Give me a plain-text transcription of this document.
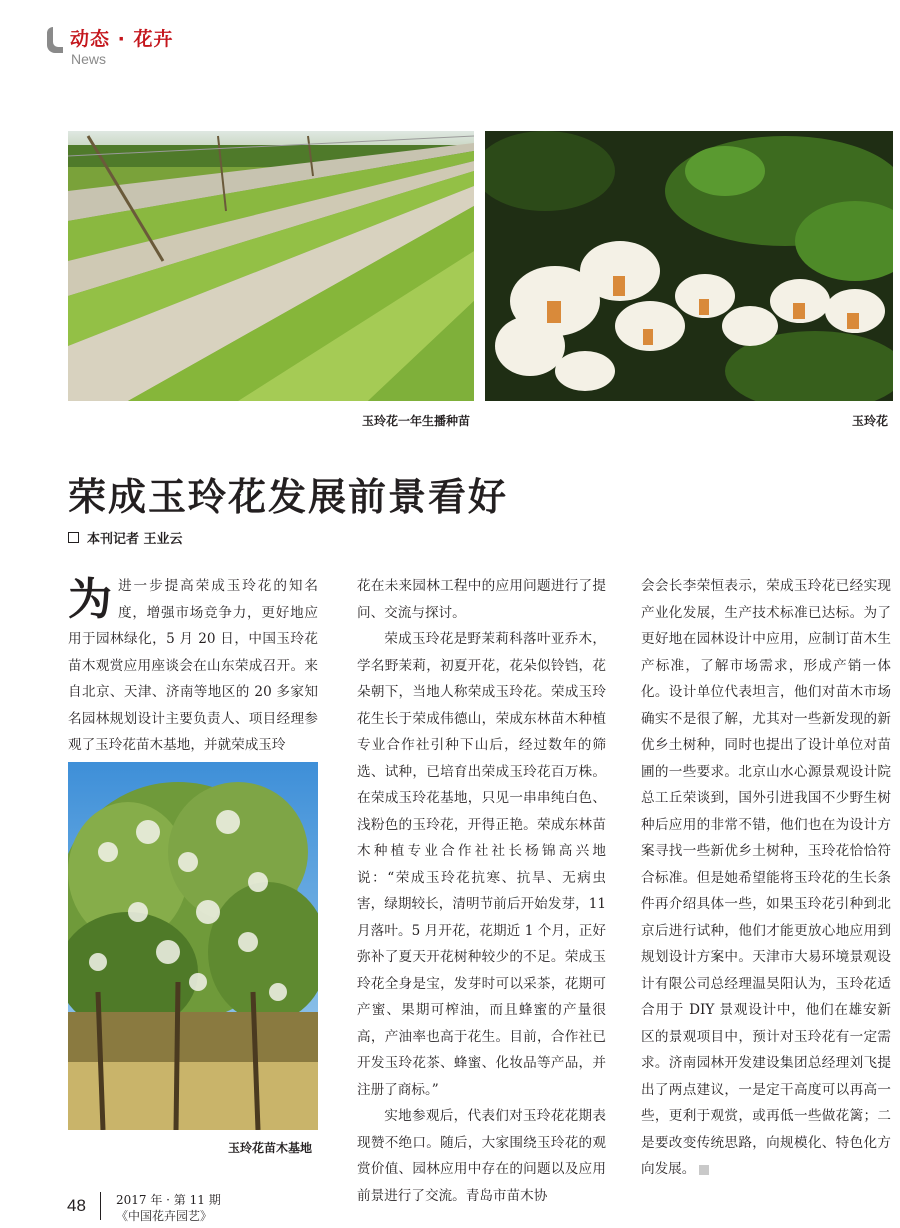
动态 · 花卉
News
玉玲花一年生播种苗	玉玲花
荣成玉玲花发展前景看好
本刊记者 王业云

为进一步提高荣成玉玲花的知名度，增强市场竞争力，更好地应用于园林绿化，5 月 20 日，中国玉玲花苗木观赏应用座谈会在山东荣成召开。来自北京、天津、济南等地区的 20 多家知名园林规划设计主要负责人、项目经理参观了玉玲花苗木基地，并就荣成玉玲

玉玲花苗木基地

花在未来园林工程中的应用问题进行了提问、交流与探讨。

荣成玉玲花是野茉莉科落叶亚乔木，学名野茉莉，初夏开花，花朵似铃铛，花朵朝下，当地人称荣成玉玲花。荣成玉玲花生长于荣成伟德山，荣成东林苗木种植专业合作社引种下山后，经过数年的筛选、试种，已培育出荣成玉玲花百万株。在荣成玉玲花基地，只见一串串纯白色、浅粉色的玉玲花，开得正艳。荣成东林苗木种植专业合作社社长杨锦高兴地说：“荣成玉玲花抗寒、抗旱、无病虫害，绿期较长，清明节前后开始发芽，11 月落叶。5 月开花，花期近 1 个月，正好弥补了夏天开花树种较少的不足。荣成玉玲花全身是宝，发芽时可以采茶，花期可产蜜、果期可榨油，而且蜂蜜的产量很高，产油率也高于花生。目前，合作社已开发玉玲花茶、蜂蜜、化妆品等产品，并注册了商标。”

实地参观后，代表们对玉玲花花期表现赞不绝口。随后，大家围绕玉玲花的观赏价值、园林应用中存在的问题以及应用前景进行了交流。青岛市苗木协

会会长李荣恒表示，荣成玉玲花已经实现产业化发展，生产技术标准已达标。为了更好地在园林设计中应用，应制订苗木生产标准，了解市场需求，形成产销一体化。设计单位代表坦言，他们对苗木市场确实不是很了解，尤其对一些新发现的新优乡土树种，同时也提出了设计单位对苗圃的一些要求。北京山水心源景观设计院总工丘荣谈到，国外引进我国不少野生树种后应用的非常不错，他们也在为设计方案寻找一些新优乡土树种，玉玲花恰恰符合标准。但是她希望能将玉玲花的生长条件再介绍具体一些，如果玉玲花引种到北京后进行试种，他们才能更放心地应用到规划设计方案中。天津市大易环境景观设计有限公司总经理温昊阳认为，玉玲花适合用于 DIY 景观设计中，他们在雄安新区的景观项目中，预计对玉玲花有一定需求。济南园林开发建设集团总经理刘飞提出了两点建议，一是定干高度可以再高一些，更利于观赏，或再低一些做花篱；二是要改变传统思路，向规模化、特色化方向发展。

48	2017 年 · 第 11 期
《中国花卉园艺》
